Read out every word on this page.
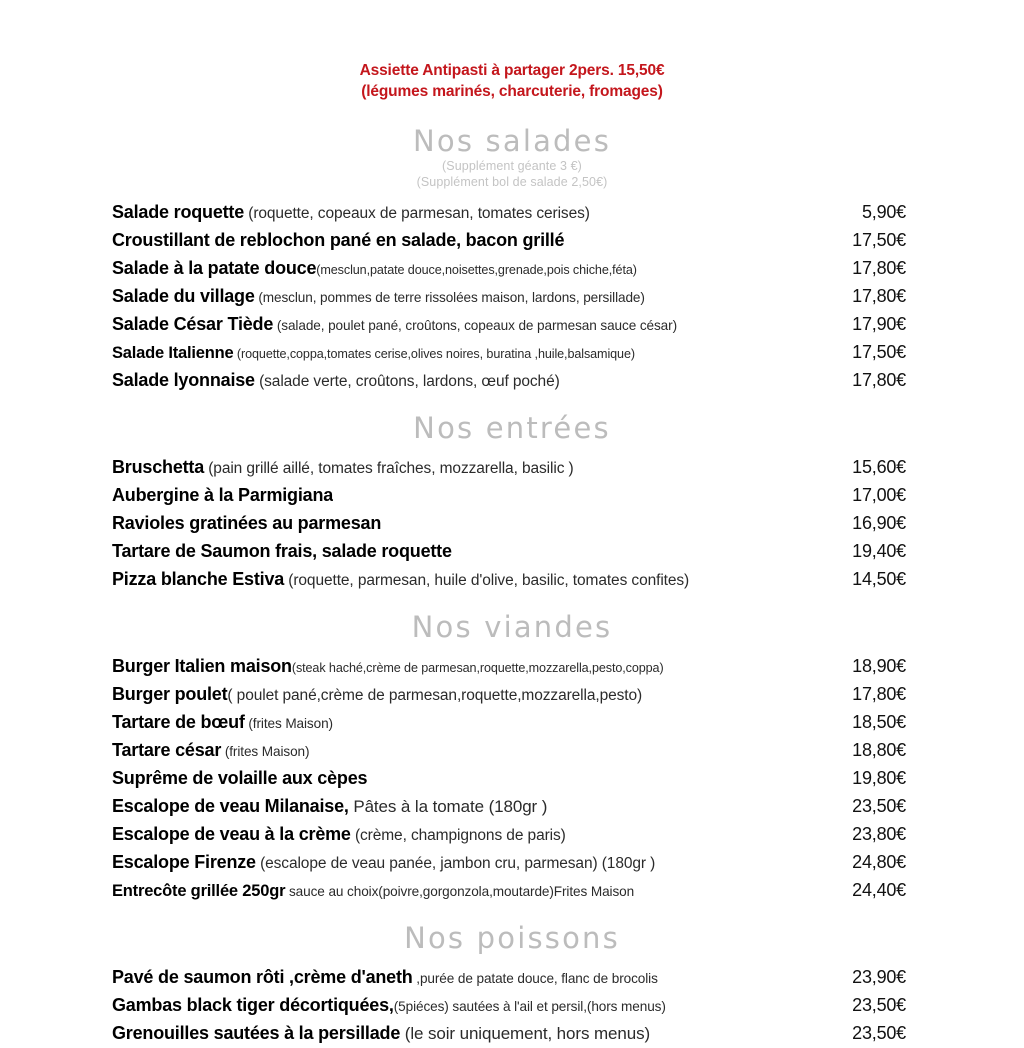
Assiette Antipasti à partager 2pers. 15,50€
(légumes marinés, charcuterie, fromages)
Nos salades
(Supplément géante 3 €)
(Supplément bol de salade 2,50€)
Salade roquette (roquette, copeaux de parmesan, tomates cerises)	5,90€
Croustillant de reblochon pané en salade, bacon grillé	17,50€
Salade à la patate douce(mesclun,patate douce,noisettes,grenade,pois chiche,féta)	17,80€
Salade du village (mesclun, pommes de terre rissolées maison, lardons, persillade)	17,80€
Salade César Tiède (salade, poulet pané, croûtons, copeaux de parmesan sauce césar)	17,90€
Salade Italienne (roquette,coppa,tomates cerise,olives noires, buratina ,huile,balsamique)	17,50€
Salade lyonnaise (salade verte, croûtons, lardons, œuf poché)	17,80€
Nos entrées
Bruschetta (pain grillé aillé, tomates fraîches, mozzarella, basilic )	15,60€
Aubergine à la Parmigiana	17,00€
Ravioles gratinées au parmesan	16,90€
Tartare de Saumon frais, salade roquette	19,40€
Pizza blanche Estiva (roquette, parmesan, huile d'olive, basilic, tomates confites)	14,50€
Nos viandes
Burger Italien maison(steak haché,crème de parmesan,roquette,mozzarella,pesto,coppa)	18,90€
Burger poulet( poulet pané,crème de parmesan,roquette,mozzarella,pesto)	17,80€
Tartare de bœuf (frites Maison)	18,50€
Tartare césar (frites Maison)	18,80€
Suprême de volaille aux cèpes	19,80€
Escalope de veau Milanaise, Pâtes à la tomate (180gr )	23,50€
Escalope de veau à la crème (crème, champignons de paris)	23,80€
Escalope Firenze (escalope de veau panée, jambon cru, parmesan) (180gr )	24,80€
Entrecôte grillée 250gr sauce au choix(poivre,gorgonzola,moutarde)Frites Maison	24,40€
Nos poissons
Pavé de saumon rôti ,crème d'aneth ,purée de patate douce, flanc de brocolis	23,90€
Gambas black tiger décortiquées,(5piéces) sautées à l'ail et persil,(hors menus)	23,50€
Grenouilles sautées à la persillade (le soir uniquement, hors menus)	23,50€
